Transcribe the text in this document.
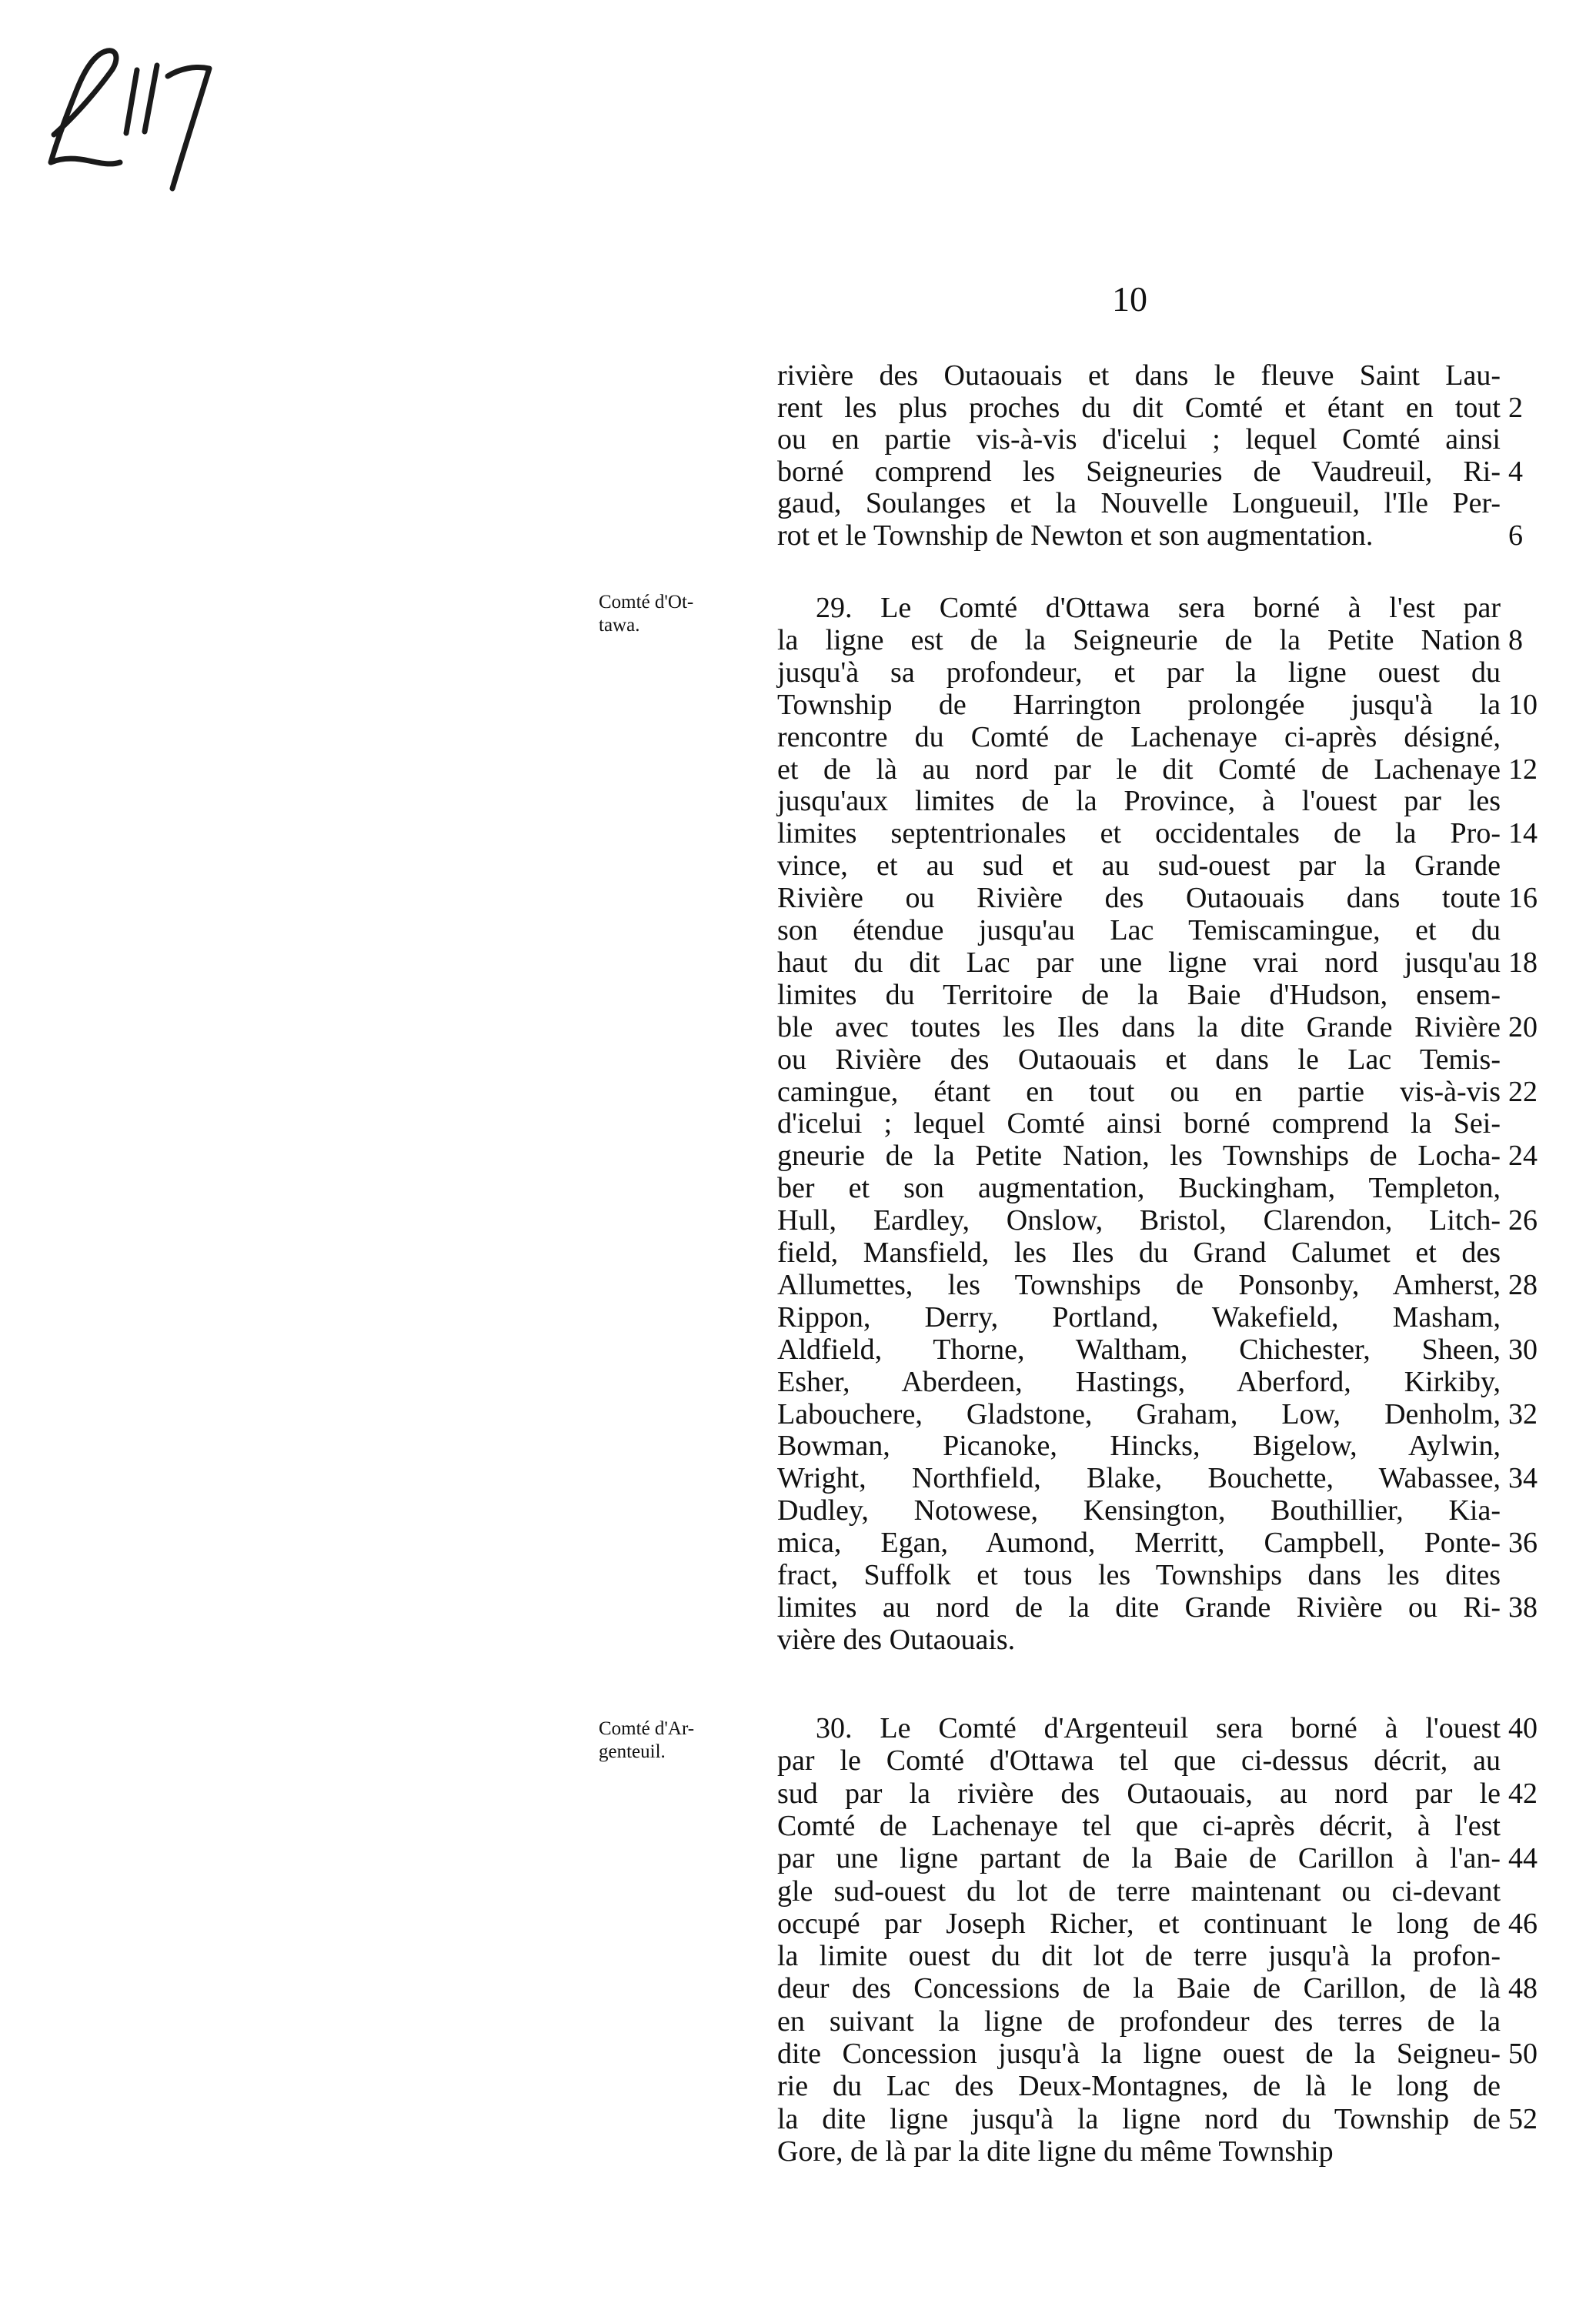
10
Comté d'Ot-
tawa.
Comté d'Ar-
genteuil.
rivière des Outaouais et dans le fleuve Saint Lau-
rent les plus proches du dit Comté et étant en tout 2
ou en partie vis-à-vis d'icelui ; lequel Comté ainsi
borné comprend les Seigneuries de Vaudreuil, Ri- 4
gaud, Soulanges et la Nouvelle Longueuil, l'Ile Per-
rot et le Township de Newton et son augmentation.	6
29. Le Comté d'Ottawa sera borné à l'est par
la ligne est de la Seigneurie de la Petite Nation 8
jusqu'à sa profondeur, et par la ligne ouest du
Township de Harrington prolongée jusqu'à la 10
rencontre du Comté de Lachenaye ci-après désigné,
et de là au nord par le dit Comté de Lachenaye 12
jusqu'aux limites de la Province, à l'ouest par les
limites septentrionales et occidentales de la Pro- 14
vince, et au sud et au sud-ouest par la Grande
Rivière ou Rivière des Outaouais dans toute 16
son étendue jusqu'au Lac Temiscamingue, et du
haut du dit Lac par une ligne vrai nord jusqu'au 18
limites du Territoire de la Baie d'Hudson, ensem-
ble avec toutes les Iles dans la dite Grande Rivière 20
ou Rivière des Outaouais et dans le Lac Temis-
camingue, étant en tout ou en partie vis-à-vis 22
d'icelui ; lequel Comté ainsi borné comprend la Sei-
gneurie de la Petite Nation, les Townships de Locha- 24
ber et son augmentation, Buckingham, Templeton,
Hull, Eardley, Onslow, Bristol, Clarendon, Litch- 26
field, Mansfield, les Iles du Grand Calumet et des
Allumettes, les Townships de Ponsonby, Amherst, 28
Rippon, Derry, Portland, Wakefield, Masham,
Aldfield, Thorne, Waltham, Chichester, Sheen, 30
Esher, Aberdeen, Hastings, Aberford, Kirkiby,
Labouchere, Gladstone, Graham, Low, Denholm, 32
Bowman, Picanoke, Hincks, Bigelow, Aylwin,
Wright, Northfield, Blake, Bouchette, Wabassee, 34
Dudley, Notowese, Kensington, Bouthillier, Kia-
mica, Egan, Aumond, Merritt, Campbell, Ponte- 36
fract, Suffolk et tous les Townships dans les dites
limites au nord de la dite Grande Rivière ou Ri- 38
vière des Outaouais.
30. Le Comté d'Argenteuil sera borné à l'ouest 40
par le Comté d'Ottawa tel que ci-dessus décrit, au
sud par la rivière des Outaouais, au nord par le 42
Comté de Lachenaye tel que ci-après décrit, à l'est
par une ligne partant de la Baie de Carillon à l'an- 44
gle sud-ouest du lot de terre maintenant ou ci-devant
occupé par Joseph Richer, et continuant le long de 46
la limite ouest du dit lot de terre jusqu'à la profon-
deur des Concessions de la Baie de Carillon, de là 48
en suivant la ligne de profondeur des terres de la
dite Concession jusqu'à la ligne ouest de la Seigneu- 50
rie du Lac des Deux-Montagnes, de là le long de
la dite ligne jusqu'à la ligne nord du Township de 52
Gore, de là par la dite ligne du même Township
